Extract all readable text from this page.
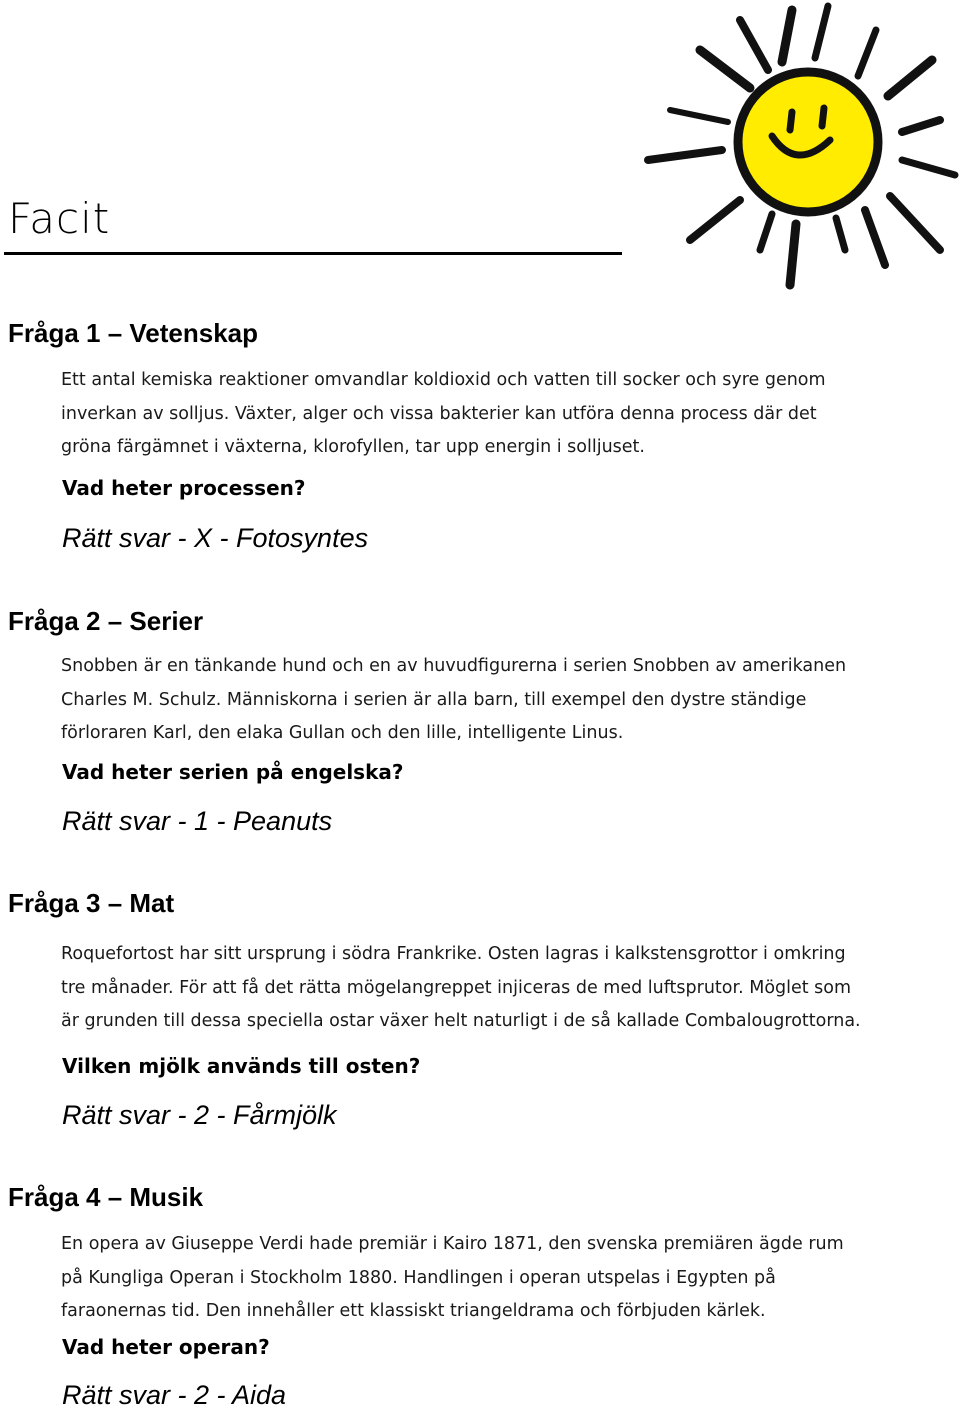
Facit
Fråga 1 – Vetenskap

Ett antal kemiska reaktioner omvandlar koldioxid och vatten till socker och syre genom inverkan av solljus. Växter, alger och vissa bakterier kan utföra denna process där det gröna färgämnet i växterna, klorofyllen, tar upp energin i solljuset.

Vad heter processen?

Rätt svar - X - Fotosyntes

Fråga 2 – Serier

Snobben är en tänkande hund och en av huvudfigurerna i serien Snobben av amerikanen Charles M. Schulz. Människorna i serien är alla barn, till exempel den dystre ständige förloraren Karl, den elaka Gullan och den lille, intelligente Linus.

Vad heter serien på engelska?

Rätt svar - 1 - Peanuts

Fråga 3 – Mat

Roquefortost har sitt ursprung i södra Frankrike. Osten lagras i kalkstensgrottor i omkring tre månader. För att få det rätta mögelangreppet injiceras de med luftsprutor. Möglet som är grunden till dessa speciella ostar växer helt naturligt i de så kallade Combalougrottorna.

Vilken mjölk används till osten?

Rätt svar - 2 - Fårmjölk

Fråga 4 – Musik

En opera av Giuseppe Verdi hade premiär i Kairo 1871, den svenska premiären ägde rum på Kungliga Operan i Stockholm 1880. Handlingen i operan utspelas i Egypten på faraonernas tid. Den innehåller ett klassiskt triangeldrama och förbjuden kärlek.

Vad heter operan?

Rätt svar - 2 - Aida
